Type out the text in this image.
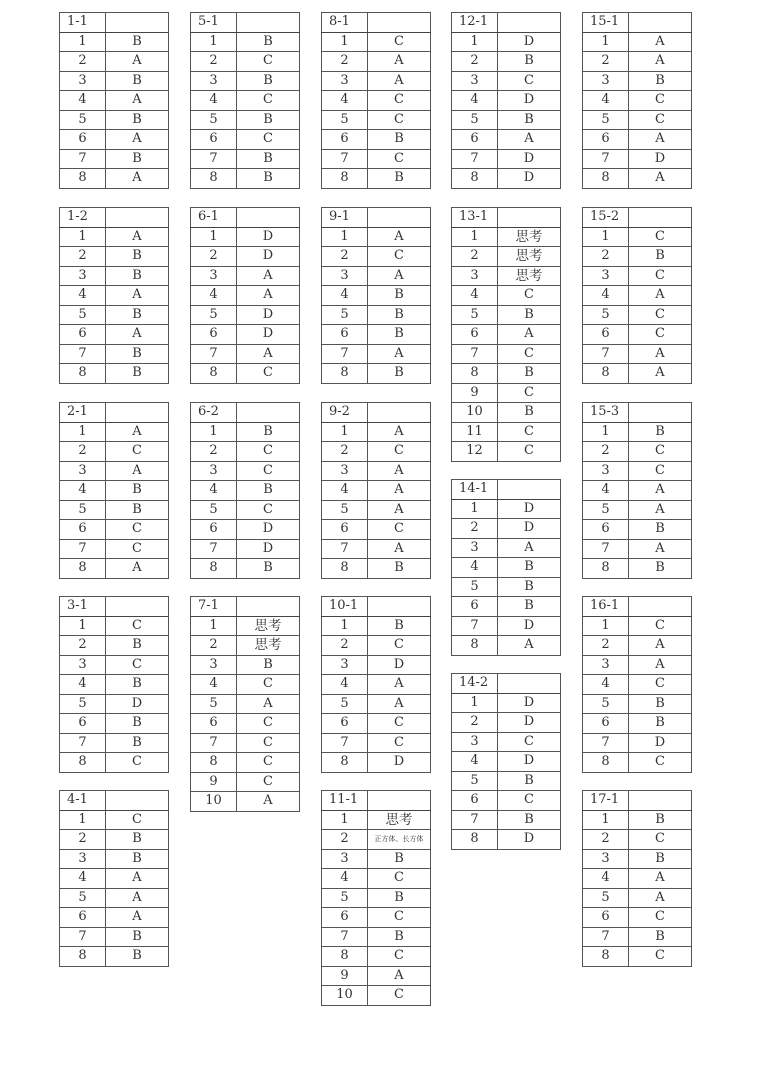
1-1	
1	B
2	A
3	B
4	A
5	B
6	A
7	B
8	A
5-1	
1	B
2	C
3	B
4	C
5	B
6	C
7	B
8	B
8-1	
1	C
2	A
3	A
4	C
5	C
6	B
7	C
8	B
12-1	
1	D
2	B
3	C
4	D
5	B
6	A
7	D
8	D
15-1	
1	A
2	A
3	B
4	C
5	C
6	A
7	D
8	A
1-2	
1	A
2	B
3	B
4	A
5	B
6	A
7	B
8	B
6-1	
1	D
2	D
3	A
4	A
5	D
6	D
7	A
8	C
9-1	
1	A
2	C
3	A
4	B
5	B
6	B
7	A
8	B
13-1	
1	思考
2	思考
3	思考
4	C
5	B
6	A
7	C
8	B
9	C
10	B
11	C
12	C
15-2	
1	C
2	B
3	C
4	A
5	C
6	C
7	A
8	A
2-1	
1	A
2	C
3	A
4	B
5	B
6	C
7	C
8	A
6-2	
1	B
2	C
3	C
4	B
5	C
6	D
7	D
8	B
9-2	
1	A
2	C
3	A
4	A
5	A
6	C
7	A
8	B
15-3	
1	B
2	C
3	C
4	A
5	A
6	B
7	A
8	B
14-1	
1	D
2	D
3	A
4	B
5	B
6	B
7	D
8	A
3-1	
1	C
2	B
3	C
4	B
5	D
6	B
7	B
8	C
7-1	
1	思考
2	思考
3	B
4	C
5	A
6	C
7	C
8	C
9	C
10	A
10-1	
1	B
2	C
3	D
4	A
5	A
6	C
7	C
8	D
16-1	
1	C
2	A
3	A
4	C
5	B
6	B
7	D
8	C
14-2	
1	D
2	D
3	C
4	D
5	B
6	C
7	B
8	D
4-1	
1	C
2	B
3	B
4	A
5	A
6	A
7	B
8	B
11-1	
1	思考
2	正方体、长方体
3	B
4	C
5	B
6	C
7	B
8	C
9	A
10	C
17-1	
1	B
2	C
3	B
4	A
5	A
6	C
7	B
8	C
